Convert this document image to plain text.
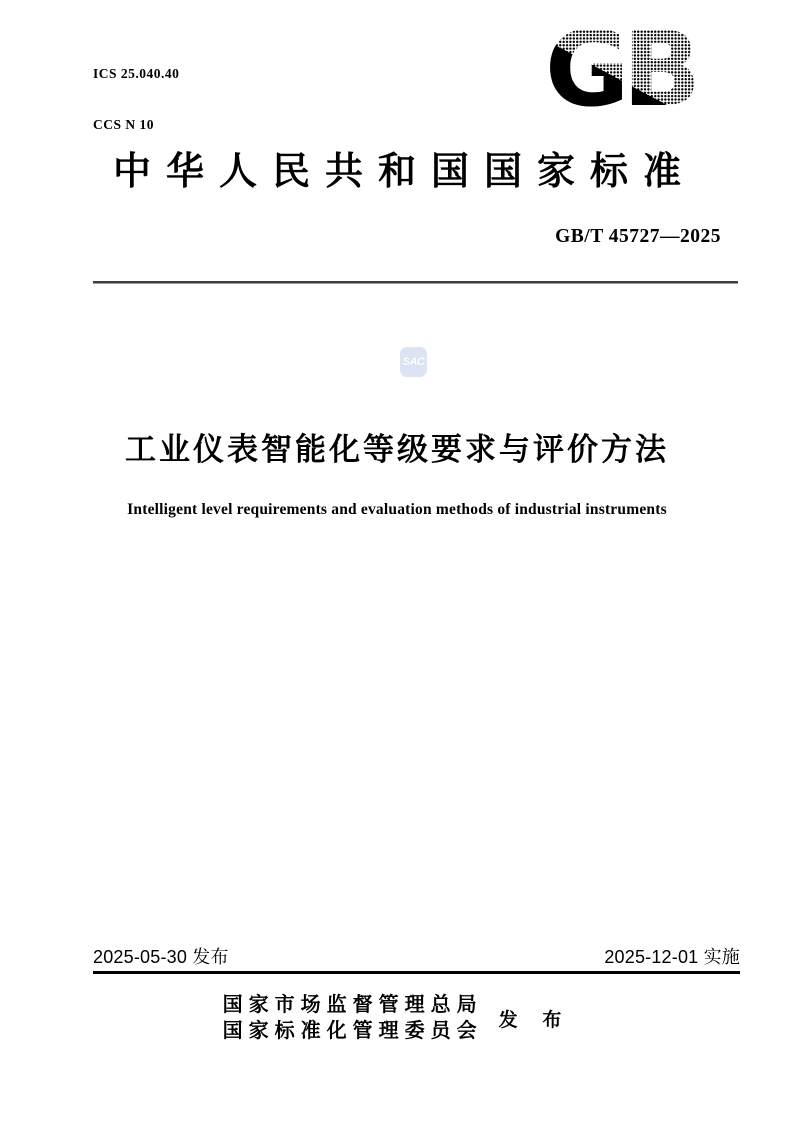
ICS 25.040.40

CCS N 10

	GB
中华人民共和国国家标准
GB/T 45727—2025
SAC
工业仪表智能化等级要求与评价方法
Intelligent level requirements and evaluation methods of industrial instruments
2025-05-30 发布	2025-12-01 实施
国家市场监督管理总局
国家标准化管理委员会 发 布
